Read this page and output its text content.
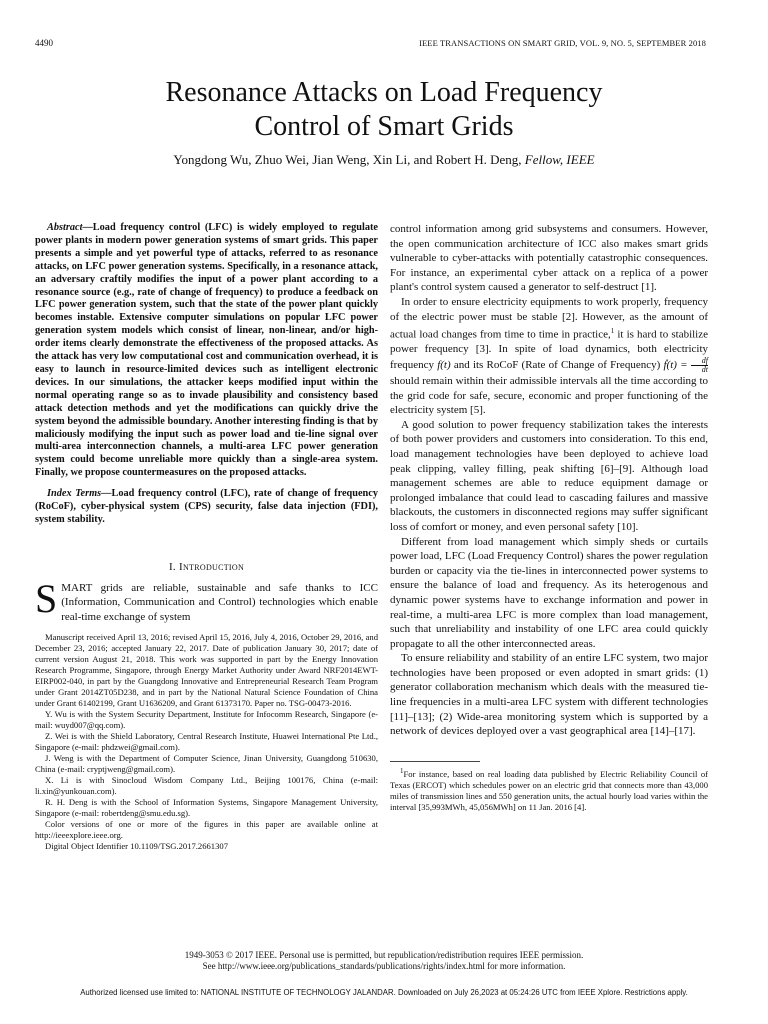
4490	IEEE TRANSACTIONS ON SMART GRID, VOL. 9, NO. 5, SEPTEMBER 2018
Resonance Attacks on Load Frequency
Control of Smart Grids
Yongdong Wu, Zhuo Wei, Jian Weng, Xin Li, and Robert H. Deng, Fellow, IEEE

Abstract—Load frequency control (LFC) is widely employed to regulate power plants in modern power generation systems of smart grids. This paper presents a simple and yet powerful type of attacks, referred to as resonance attacks, on LFC power generation systems. Specifically, in a resonance attack, an adversary craftily modifies the input of a power plant according to a resonance source (e.g., rate of change of frequency) to produce a feedback on LFC power generation system, such that the state of the power plant quickly becomes instable. Extensive computer simulations on popular LFC power generation system models which consist of linear, non-linear, and/or high-order items clearly demonstrate the effectiveness of the proposed attacks. As the attack has very low computational cost and communication overhead, it is easy to launch in resource-limited devices such as intelligent electronic devices. In our simulations, the attacker keeps modified input within the normal operating range so as to invade plausibility and consistency based attack detection methods and yet the modifications can quickly drive the system beyond the admissible boundary. Another interesting finding is that by maliciously modifying the input such as power load and tie-line signal over multi-area interconnection channels, a multi-area LFC power generation system could become unreliable more quickly than a single-area system. Finally, we propose countermeasures on the proposed attacks.

Index Terms—Load frequency control (LFC), rate of change of frequency (RoCoF), cyber-physical system (CPS) security, false data injection (FDI), system stability.

I. Introduction

SMART grids are reliable, sustainable and safe thanks to ICC (Information, Communication and Control) technologies which enable real-time exchange of system

Manuscript received April 13, 2016; revised April 15, 2016, July 4, 2016, October 29, 2016, and December 23, 2016; accepted January 22, 2017. Date of publication January 30, 2017; date of current version August 21, 2018. This work was supported in part by the Energy Innovation Research Programme, Singapore, through Energy Market Authority under Award NRF2014EWT-EIRP002-040, in part by the Guangdong Innovative and Entrepreneurial Research Team Program under Grant 2014ZT05D238, and in part by the National Natural Science Foundation of China under Grant 61402199, Grant U1636209, and Grant 61373170. Paper no. TSG-00473-2016.

Y. Wu is with the System Security Department, Institute for Infocomm Research, Singapore (e-mail: wuyd007@qq.com).

Z. Wei is with the Shield Laboratory, Central Research Institute, Huawei International Pte Ltd., Singapore (e-mail: phdzwei@gmail.com).

J. Weng is with the Department of Computer Science, Jinan University, Guangdong 510630, China (e-mail: cryptjweng@gmail.com).

X. Li is with Sinocloud Wisdom Company Ltd., Beijing 100176, China (e-mail: li.xin@yunkouan.com).

R. H. Deng is with the School of Information Systems, Singapore Management University, Singapore (e-mail: robertdeng@smu.edu.sg).

Color versions of one or more of the figures in this paper are available online at http://ieeexplore.ieee.org.

Digital Object Identifier 10.1109/TSG.2017.2661307

control information among grid subsystems and consumers. However, the open communication architecture of ICC also makes smart grids vulnerable to cyber-attacks with potentially catastrophic consequences. For instance, an experimental cyber attack on a replica of a power plant's control system caused a generator to self-destruct [1].

In order to ensure electricity equipments to work properly, frequency of the electric power must be stable [2]. However, as the amount of actual load changes from time to time in practice,$^1$ it is hard to stabilize power frequency [3]. In spite of load dynamics, both electricity frequency f(t) and its RoCoF (Rate of Change of Frequency) ḟ(t) = $\frac{df}{dt}$
should remain within their admissible intervals all the time according to the grid code for safe, secure, economic and proper functioning of the electricity system [5].

A good solution to power frequency stabilization takes the interests of both power providers and customers into consideration. To this end, load management technologies have been deployed to achieve load peak clipping, valley filling, peak shifting [6]–[9]. Although load management schemes are able to reduce equipment damage or prolonged imbalance that could lead to cascading failures and massive blackouts, the customers in disconnected regions may suffer significant loss of comfort or money, and even personal safety [10].

Different from load management which simply sheds or curtails power load, LFC (Load Frequency Control) shares the power regulation burden or capacity via the tie-lines in interconnected power systems to ensure the balance of load and frequency. As its heterogenous and dynamic power systems have to exchange information and power in real-time, a multi-area LFC is more complex than load management, such that unreliability and instability of one LFC area could quickly propagate to all the other interconnected areas.

To ensure reliability and stability of an entire LFC system, two major technologies have been proposed or even adopted in smart grids: (1) generator collaboration mechanism which deals with the measured tie-line frequencies in a multi-area LFC system with different technologies [11]–[13]; (2) Wide-area monitoring system which is supported by a network of devices deployed over a vast geographical area [14]–[17].

$^1$For instance, based on real loading data published by Electric Reliability Council of Texas (ERCOT) which schedules power on an electric grid that connects more than 43,000 miles of transmission lines and 550 generation units, the actual hourly load varies within the interval [35,993MWh, 45,056MWh] on 11 Jan. 2016 [4].

1949-3053 © 2017 IEEE. Personal use is permitted, but republication/redistribution requires IEEE permission.
See http://www.ieee.org/publications_standards/publications/rights/index.html for more information.
Authorized licensed use limited to: NATIONAL INSTITUTE OF TECHNOLOGY JALANDAR. Downloaded on July 26,2023 at 05:24:26 UTC from IEEE Xplore. Restrictions apply.
